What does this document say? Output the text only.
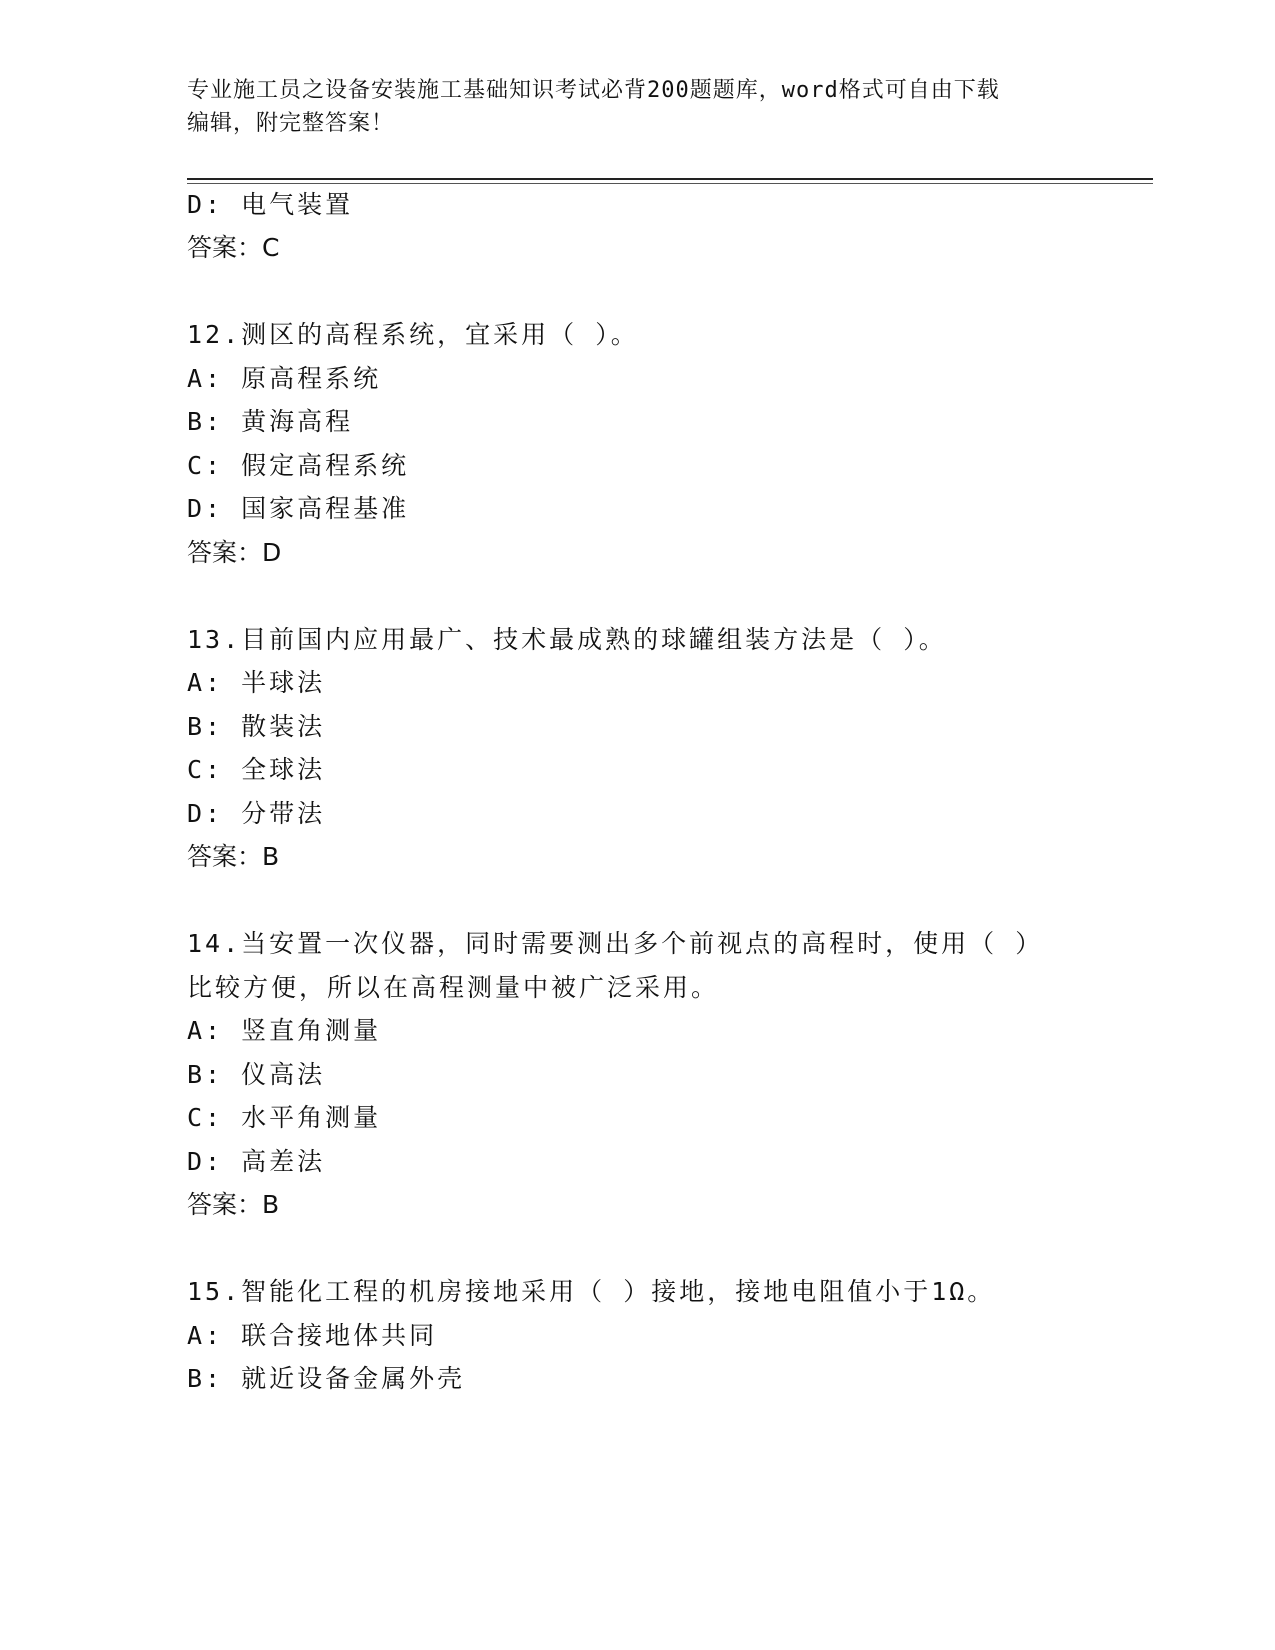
专业施工员之设备安装施工基础知识考试必背200题题库，word格式可自由下载
编辑，附完整答案！
D: 电气装置
答案：C
12.测区的高程系统，宜采用（ ）。
A: 原高程系统
B: 黄海高程
C: 假定高程系统
D: 国家高程基准
答案：D
13.目前国内应用最广、技术最成熟的球罐组装方法是（ ）。
A: 半球法
B: 散装法
C: 全球法
D: 分带法
答案：B
14.当安置一次仪器，同时需要测出多个前视点的高程时，使用（ ）
比较方便，所以在高程测量中被广泛采用。
A: 竖直角测量
B: 仪高法
C: 水平角测量
D: 高差法
答案：B
15.智能化工程的机房接地采用（ ）接地，接地电阻值小于1Ω。
A: 联合接地体共同
B: 就近设备金属外壳
